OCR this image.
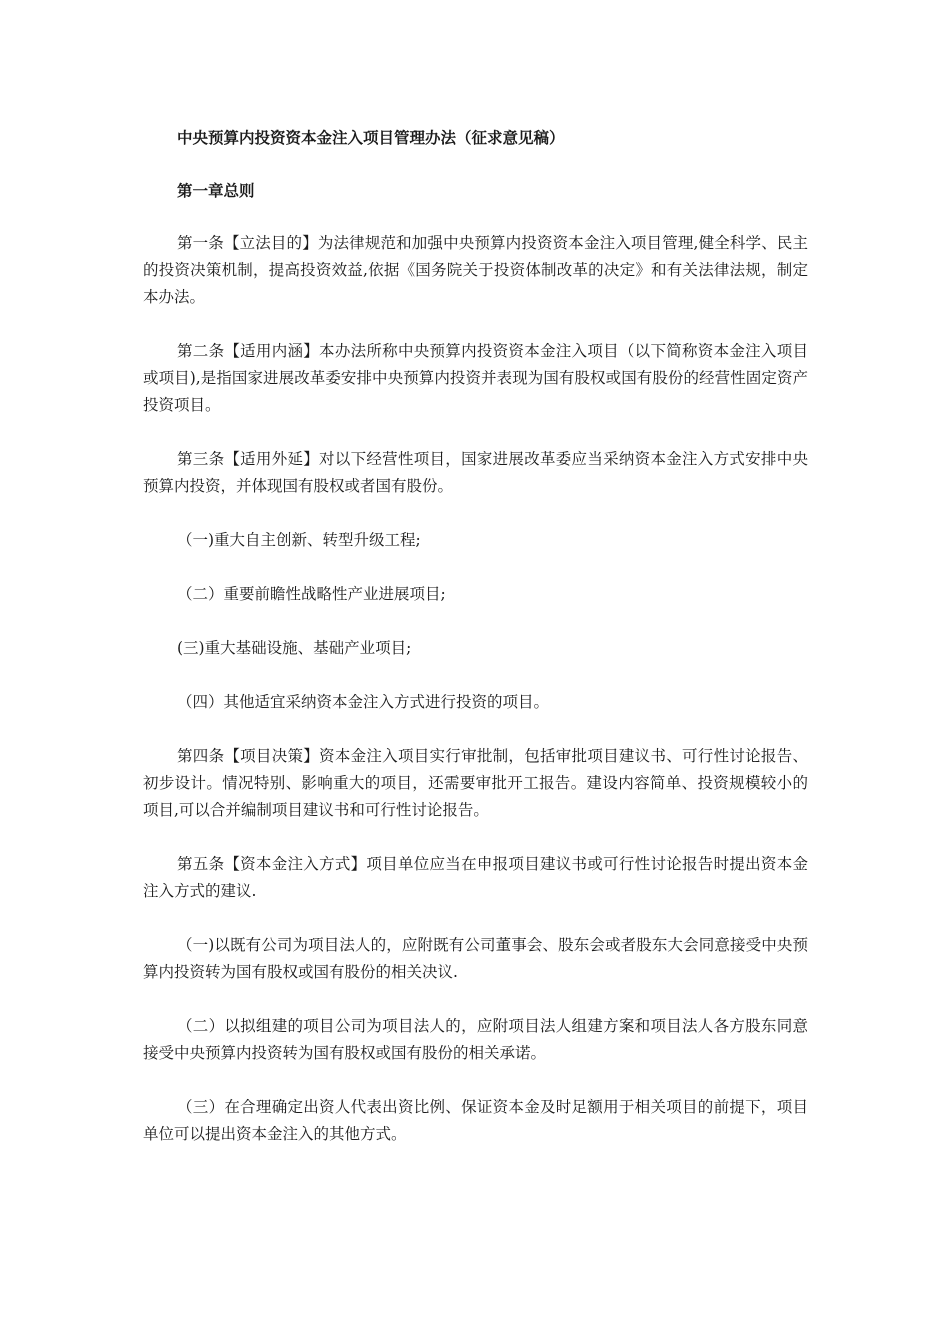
中央预算内投资资本金注入项目管理办法（征求意见稿）

第一章总则

第一条【立法目的】为法律规范和加强中央预算内投资资本金注入项目管理,健全科学、民主的投资决策机制，提高投资效益,依据《国务院关于投资体制改革的决定》和有关法律法规，制定本办法。

第二条【适用内涵】本办法所称中央预算内投资资本金注入项目（以下简称资本金注入项目或项目),是指国家进展改革委安排中央预算内投资并表现为国有股权或国有股份的经营性固定资产投资项目。

第三条【适用外延】对以下经营性项目，国家进展改革委应当采纳资本金注入方式安排中央预算内投资，并体现国有股权或者国有股份。

（一)重大自主创新、转型升级工程;

（二）重要前瞻性战略性产业进展项目;

(三)重大基础设施、基础产业项目;

（四）其他适宜采纳资本金注入方式进行投资的项目。

第四条【项目决策】资本金注入项目实行审批制，包括审批项目建议书、可行性讨论报告、初步设计。情况特别、影响重大的项目，还需要审批开工报告。建设内容简单、投资规模较小的项目,可以合并编制项目建议书和可行性讨论报告。

第五条【资本金注入方式】项目单位应当在申报项目建议书或可行性讨论报告时提出资本金注入方式的建议.

（一)以既有公司为项目法人的，应附既有公司董事会、股东会或者股东大会同意接受中央预算内投资转为国有股权或国有股份的相关决议.

（二）以拟组建的项目公司为项目法人的，应附项目法人组建方案和项目法人各方股东同意接受中央预算内投资转为国有股权或国有股份的相关承诺。

（三）在合理确定出资人代表出资比例、保证资本金及时足额用于相关项目的前提下，项目单位可以提出资本金注入的其他方式。
